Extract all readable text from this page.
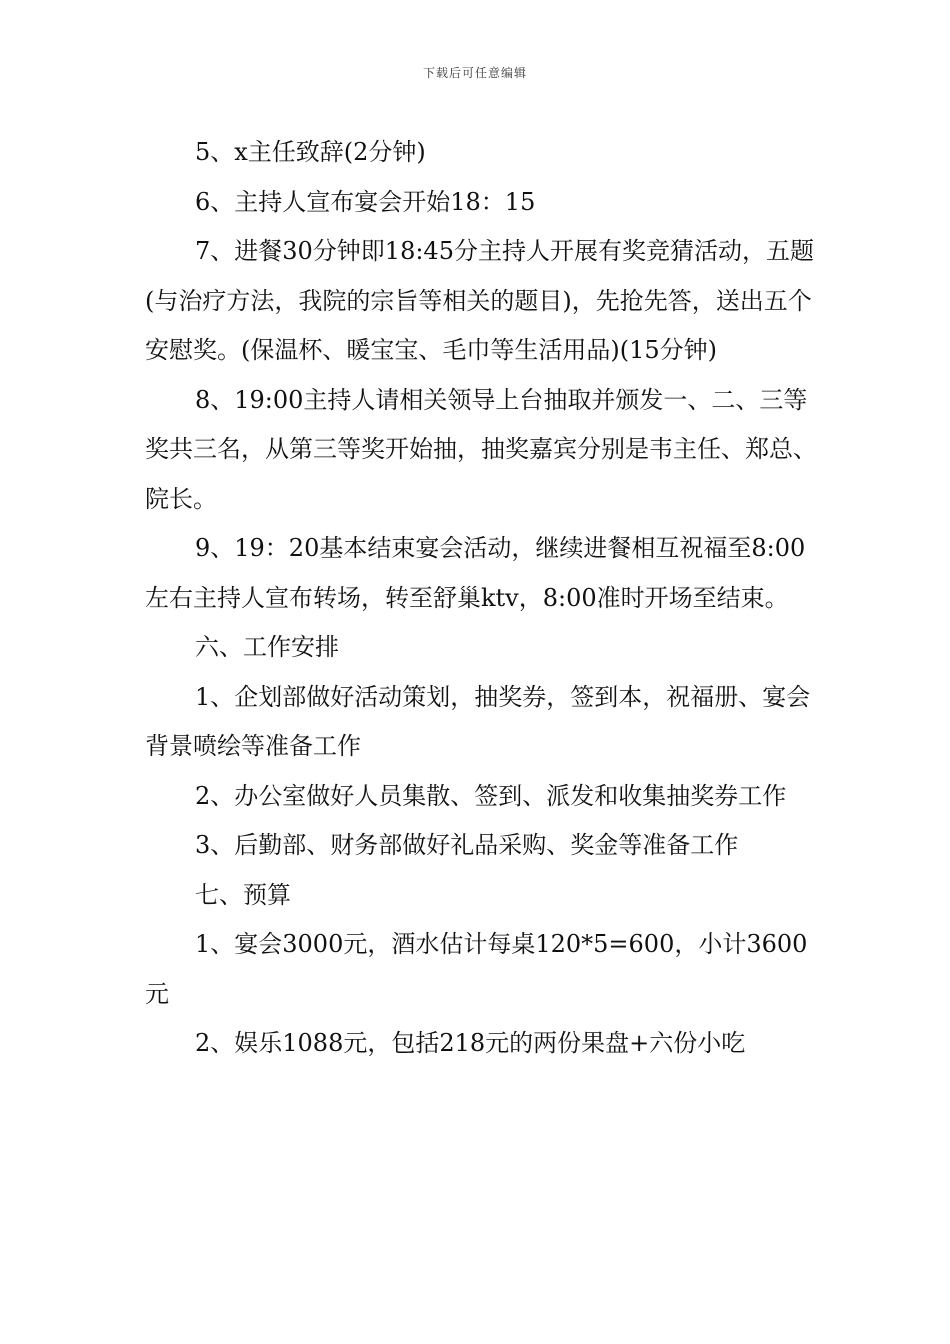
下载后可任意编辑

5、x主任致辞(2分钟)

6、主持人宣布宴会开始18：15

7、进餐30分钟即18:45分主持人开展有奖竞猜活动，五题(与治疗方法，我院的宗旨等相关的题目)，先抢先答，送出五个安慰奖。(保温杯、暖宝宝、毛巾等生活用品)(15分钟)

8、19:00主持人请相关领导上台抽取并颁发一、二、三等奖共三名，从第三等奖开始抽，抽奖嘉宾分别是韦主任、郑总、院长。

9、19：20基本结束宴会活动，继续进餐相互祝福至8:00左右主持人宣布转场，转至舒巢ktv，8:00准时开场至结束。

六、工作安排

1、企划部做好活动策划，抽奖券，签到本，祝福册、宴会背景喷绘等准备工作

2、办公室做好人员集散、签到、派发和收集抽奖券工作

3、后勤部、财务部做好礼品采购、奖金等准备工作

七、预算

1、宴会3000元，酒水估计每桌120*5=600，小计3600元

2、娱乐1088元，包括218元的两份果盘+六份小吃
